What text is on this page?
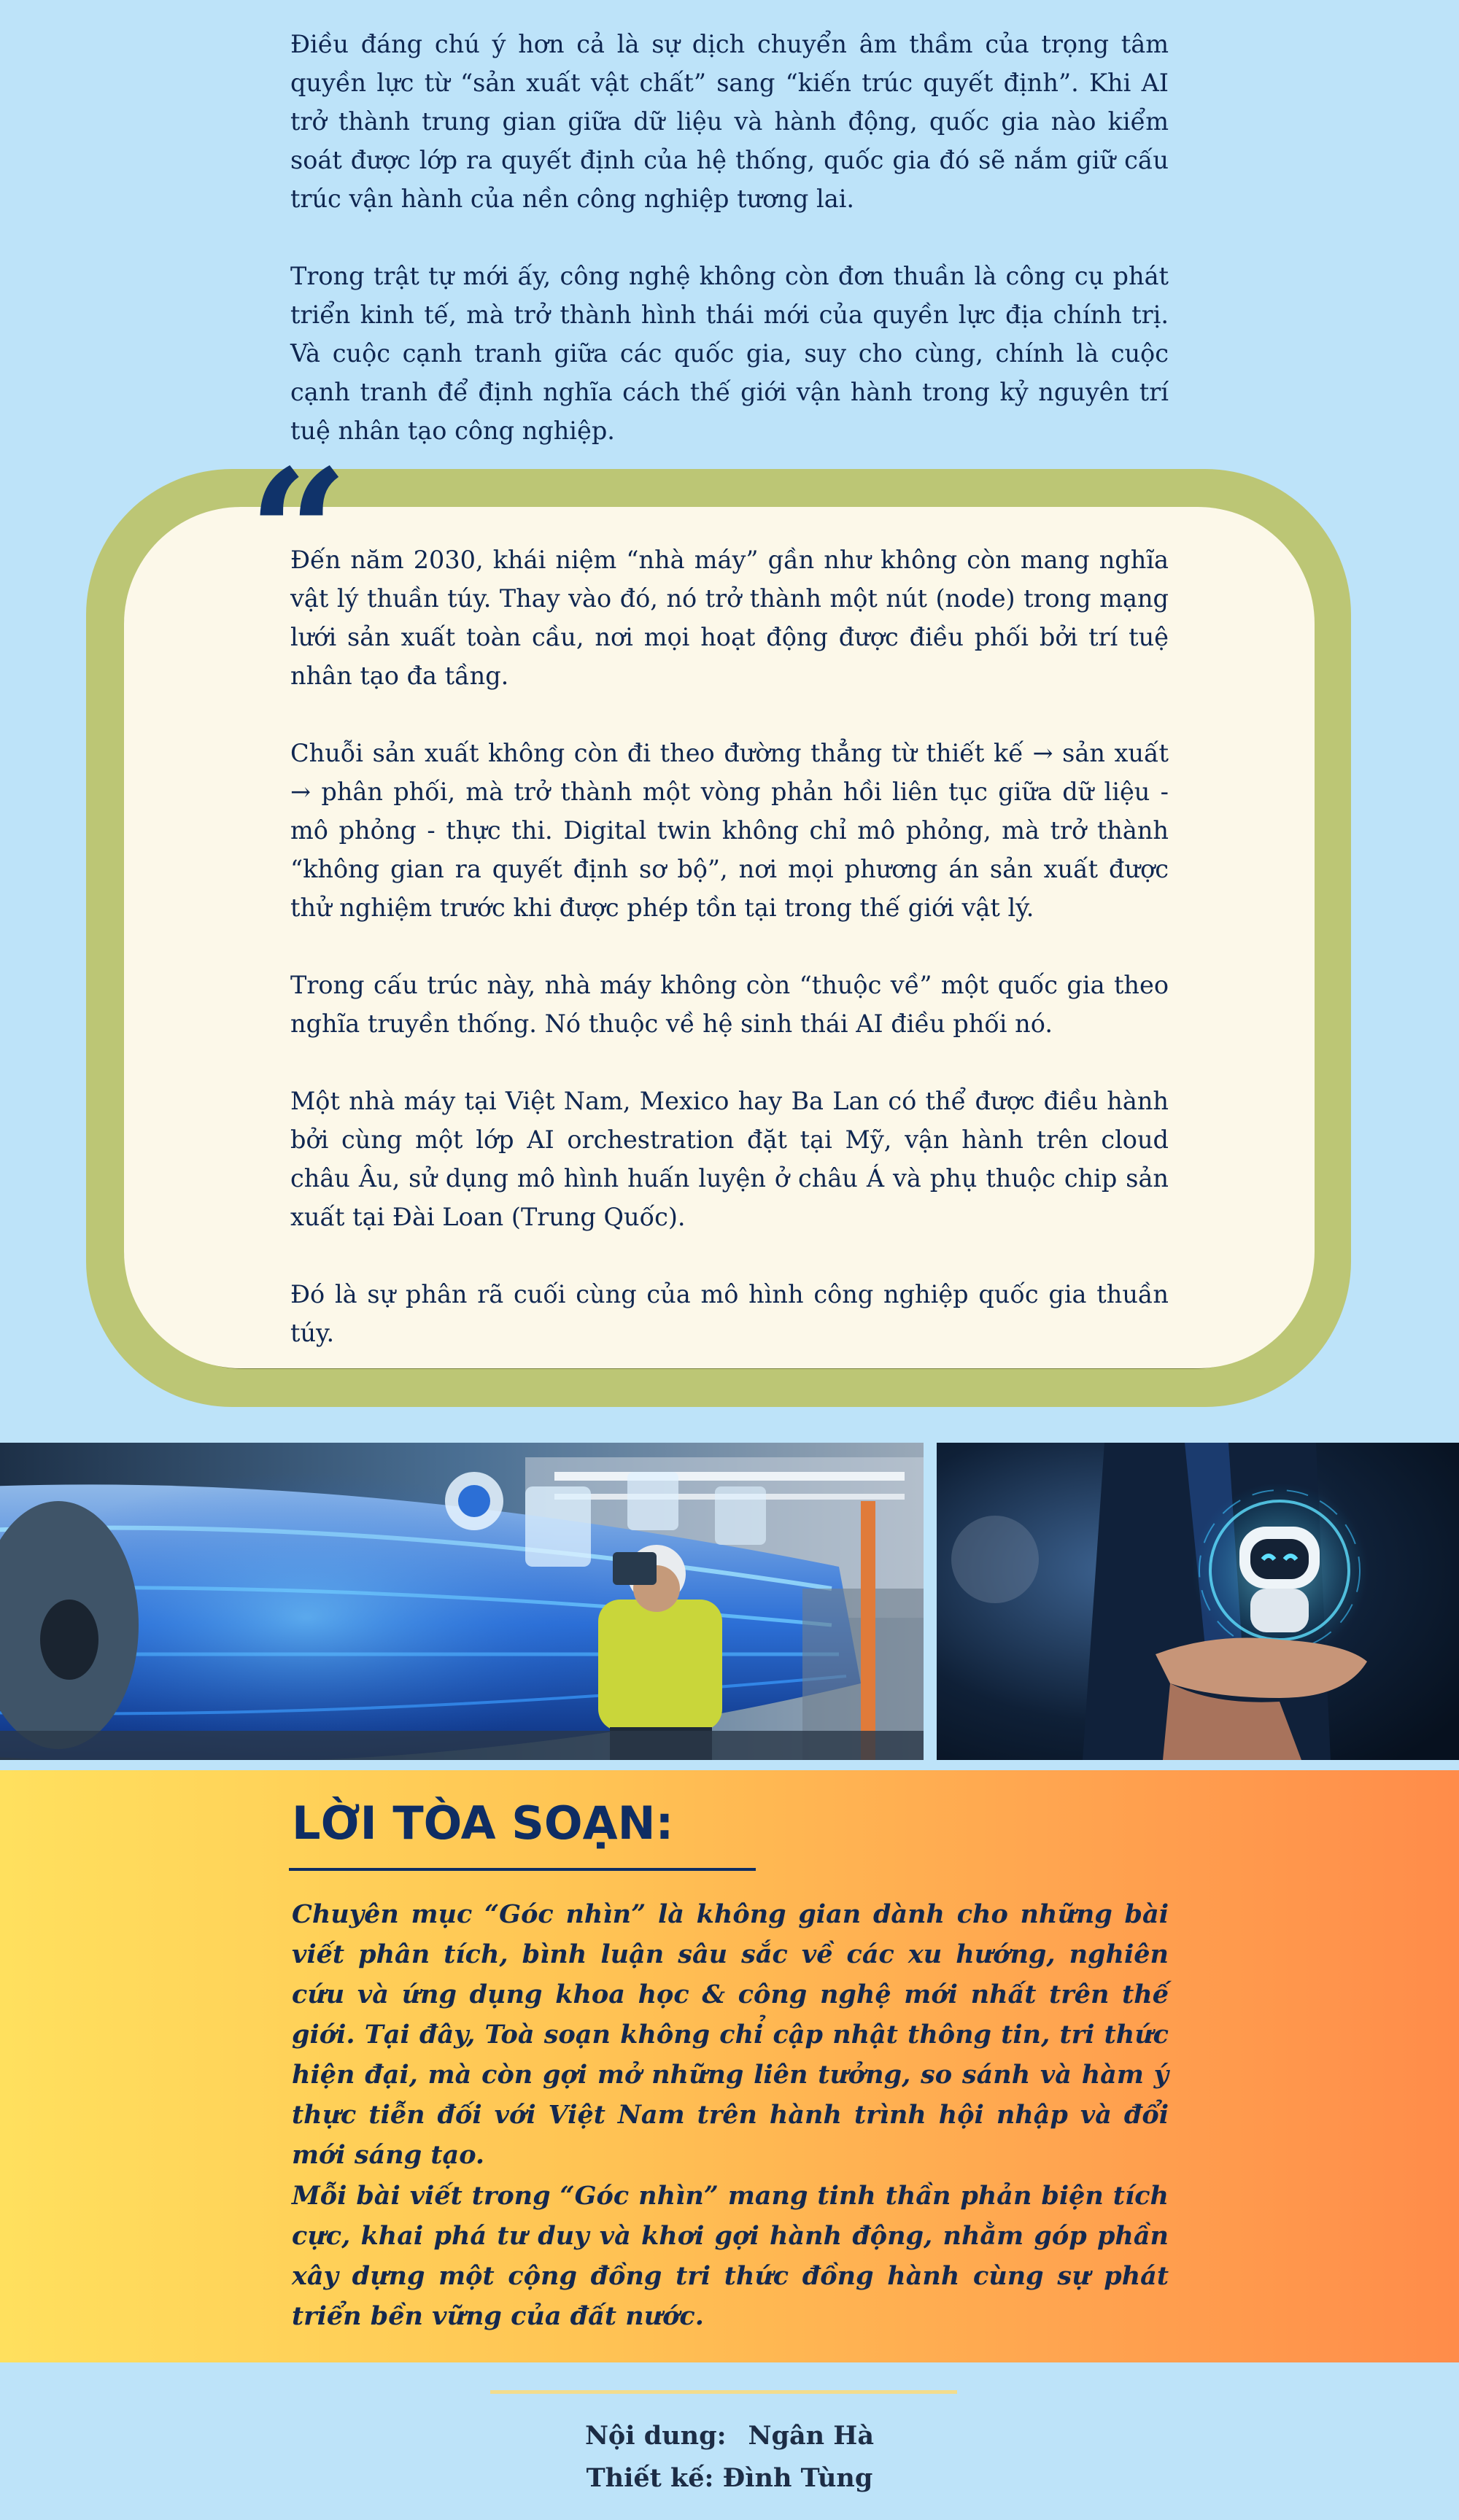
Điều đáng chú ý hơn cả là sự dịch chuyển âm thầm của trọng tâm quyền lực từ “sản xuất vật chất” sang “kiến trúc quyết định”. Khi AI trở thành trung gian giữa dữ liệu và hành động, quốc gia nào kiểm soát được lớp ra quyết định của hệ thống, quốc gia đó sẽ nắm giữ cấu trúc vận hành của nền công nghiệp tương lai.

Trong trật tự mới ấy, công nghệ không còn đơn thuần là công cụ phát triển kinh tế, mà trở thành hình thái mới của quyền lực địa chính trị. Và cuộc cạnh tranh giữa các quốc gia, suy cho cùng, chính là cuộc cạnh tranh để định nghĩa cách thế giới vận hành trong kỷ nguyên trí tuệ nhân tạo công nghiệp.

“

Đến năm 2030, khái niệm “nhà máy” gần như không còn mang nghĩa vật lý thuần túy. Thay vào đó, nó trở thành một nút (node) trong mạng lưới sản xuất toàn cầu, nơi mọi hoạt động được điều phối bởi trí tuệ nhân tạo đa tầng.

Chuỗi sản xuất không còn đi theo đường thẳng từ thiết kế → sản xuất → phân phối, mà trở thành một vòng phản hồi liên tục giữa dữ liệu - mô phỏng - thực thi. Digital twin không chỉ mô phỏng, mà trở thành “không gian ra quyết định sơ bộ”, nơi mọi phương án sản xuất được thử nghiệm trước khi được phép tồn tại trong thế giới vật lý.

Trong cấu trúc này, nhà máy không còn “thuộc về” một quốc gia theo nghĩa truyền thống. Nó thuộc về hệ sinh thái AI điều phối nó.

Một nhà máy tại Việt Nam, Mexico hay Ba Lan có thể được điều hành bởi cùng một lớp AI orchestration đặt tại Mỹ, vận hành trên cloud châu Âu, sử dụng mô hình huấn luyện ở châu Á và phụ thuộc chip sản xuất tại Đài Loan (Trung Quốc).

Đó là sự phân rã cuối cùng của mô hình công nghiệp quốc gia thuần túy.

LỜI TÒA SOẠN:

Chuyên mục “Góc nhìn” là không gian dành cho những bài viết phân tích, bình luận sâu sắc về các xu hướng, nghiên cứu và ứng dụng khoa học & công nghệ mới nhất trên thế giới. Tại đây, Toà soạn không chỉ cập nhật thông tin, tri thức hiện đại, mà còn gợi mở những liên tưởng, so sánh và hàm ý thực tiễn đối với Việt Nam trên hành trình hội nhập và đổi mới sáng tạo.

Mỗi bài viết trong “Góc nhìn” mang tinh thần phản biện tích cực, khai phá tư duy và khơi gợi hành động, nhằm góp phần xây dựng một cộng đồng tri thức đồng hành cùng sự phát triển bền vững của đất nước.

Nội dung: Ngân Hà
Thiết kế: Đình Tùng
